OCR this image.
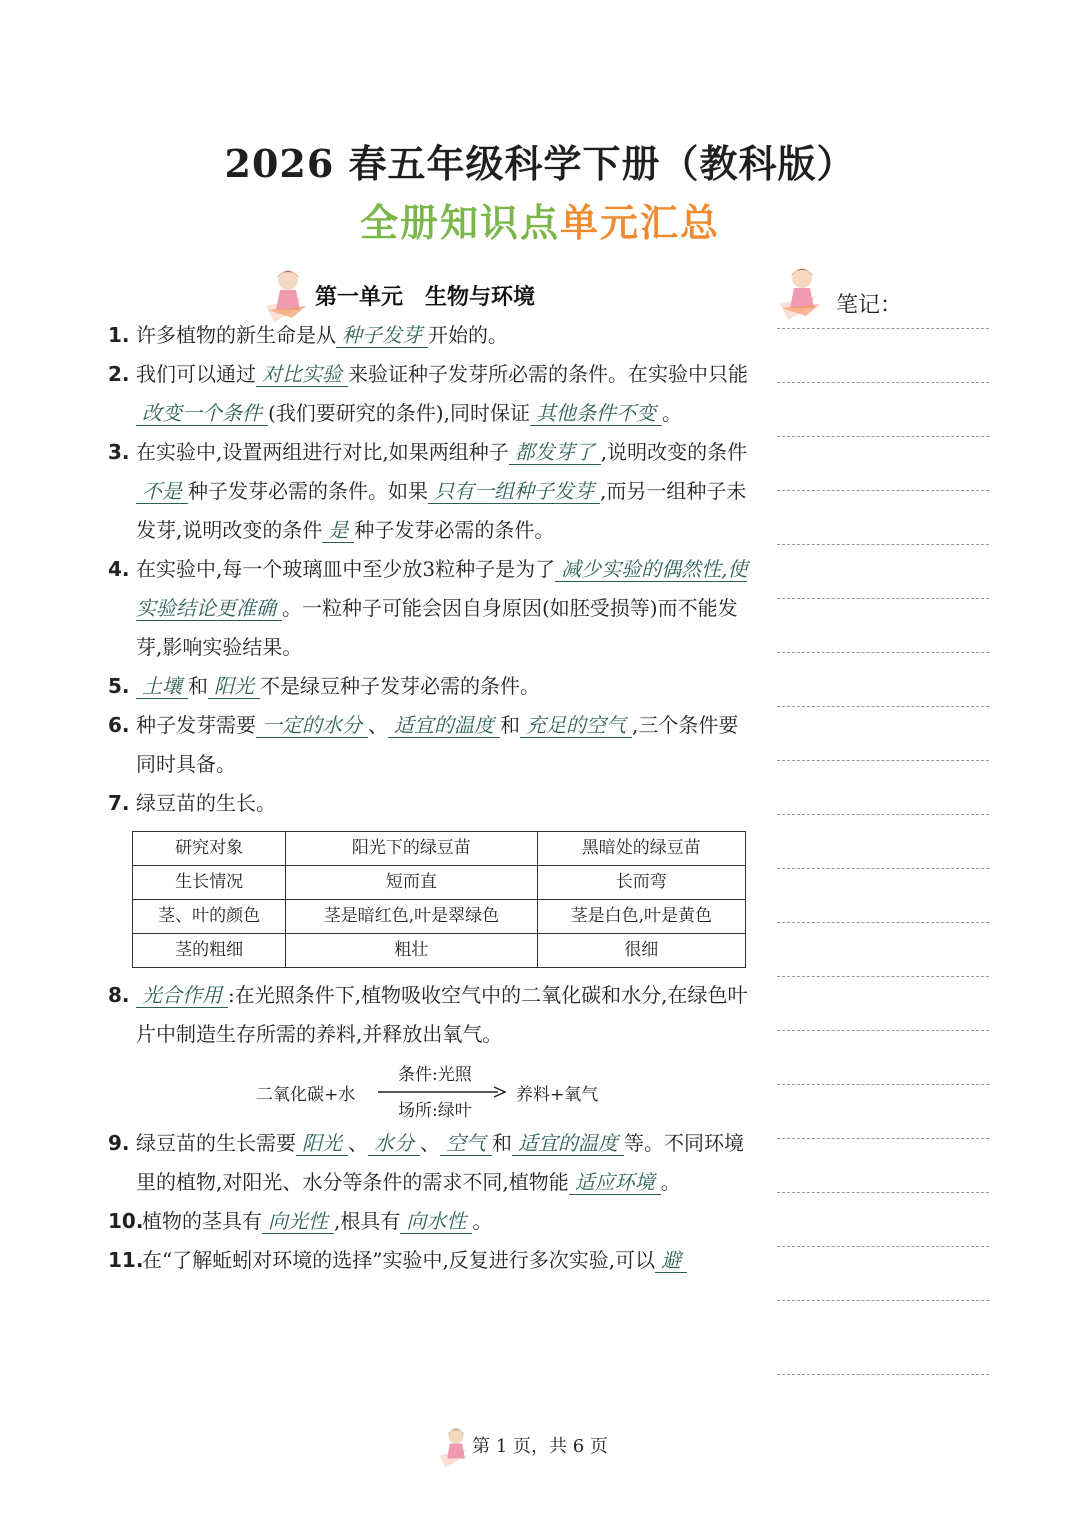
2026 春五年级科学下册（教科版）
全册知识点单元汇总
第一单元　生物与环境	笔记：

1. 许多植物的新生命是从 种子发芽 开始的。

2. 我们可以通过 对比实验 来验证种子发芽所必需的条件。在实验中只能改变一个条件 (我们要研究的条件),同时保证 其他条件不变 。

3. 在实验中,设置两组进行对比,如果两组种子 都发芽了 ,说明改变的条件不是 种子发芽必需的条件。如果 只有一组种子发芽 ,而另一组种子未发芽,说明改变的条件 是 种子发芽必需的条件。

4. 在实验中,每一个玻璃皿中至少放3粒种子是为了 减少实验的偶然性,使实验结论更准确 。一粒种子可能会因自身原因(如胚受损等)而不能发芽,影响实验结果。

5. 土壤 和 阳光 不是绿豆种子发芽必需的条件。

6. 种子发芽需要 一定的水分 、 适宜的温度 和 充足的空气 ,三个条件要同时具备。

7. 绿豆苗的生长。

研究对象	阳光下的绿豆苗	黑暗处的绿豆苗
生长情况	短而直	长而弯
茎、叶的颜色	茎是暗红色,叶是翠绿色	茎是白色,叶是黄色
茎的粗细	粗壮	很细

8. 光合作用 :在光照条件下,植物吸收空气中的二氧化碳和水分,在绿色叶片中制造生存所需的养料,并释放出氧气。

二氧化碳+水
条件:光照
场所:绿叶
养料+氧气

9. 绿豆苗的生长需要 阳光 、 水分 、 空气 和 适宜的温度 等。不同环境里的植物,对阳光、水分等条件的需求不同,植物能 适应环境 。

10.
植物的茎具有 向光性 ,根具有 向水性 。

11.
在“了解蚯蚓对环境的选择”实验中,反复进行多次实验,可以 避

第 1 页，共 6 页
